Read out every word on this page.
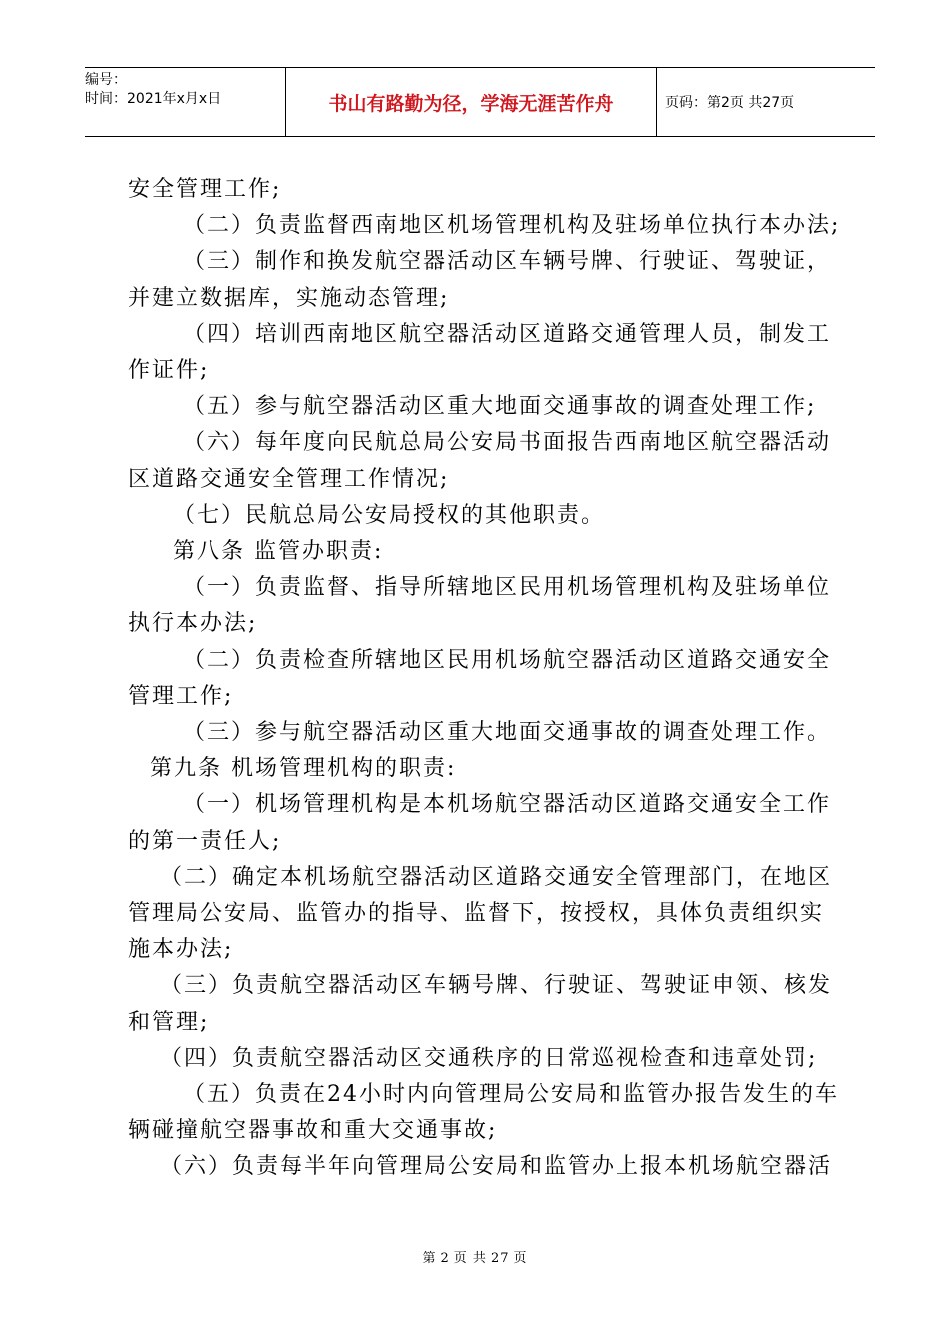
编号：
时间：2021年x月x日	书山有路勤为径，学海无涯苦作舟	页码：第2页 共27页
安全管理工作;
（二）负责监督西南地区机场管理机构及驻场单位执行本办法;
（三）制作和换发航空器活动区车辆号牌、行驶证、驾驶证，
并建立数据库，实施动态管理;
（四）培训西南地区航空器活动区道路交通管理人员，制发工
作证件;
（五）参与航空器活动区重大地面交通事故的调查处理工作;
（六）每年度向民航总局公安局书面报告西南地区航空器活动
区道路交通安全管理工作情况;
（七）民航总局公安局授权的其他职责。
第八条 监管办职责:
（一）负责监督、指导所辖地区民用机场管理机构及驻场单位
执行本办法;
（二）负责检查所辖地区民用机场航空器活动区道路交通安全
管理工作;
（三）参与航空器活动区重大地面交通事故的调查处理工作。
第九条 机场管理机构的职责:
（一）机场管理机构是本机场航空器活动区道路交通安全工作
的第一责任人;
（二）确定本机场航空器活动区道路交通安全管理部门，在地区
管理局公安局、监管办的指导、监督下，按授权，具体负责组织实
施本办法;
（三）负责航空器活动区车辆号牌、行驶证、驾驶证申领、核发
和管理;
（四）负责航空器活动区交通秩序的日常巡视检查和违章处罚;
（五）负责在24小时内向管理局公安局和监管办报告发生的车
辆碰撞航空器事故和重大交通事故;
（六）负责每半年向管理局公安局和监管办上报本机场航空器活
第 2 页 共 27 页
